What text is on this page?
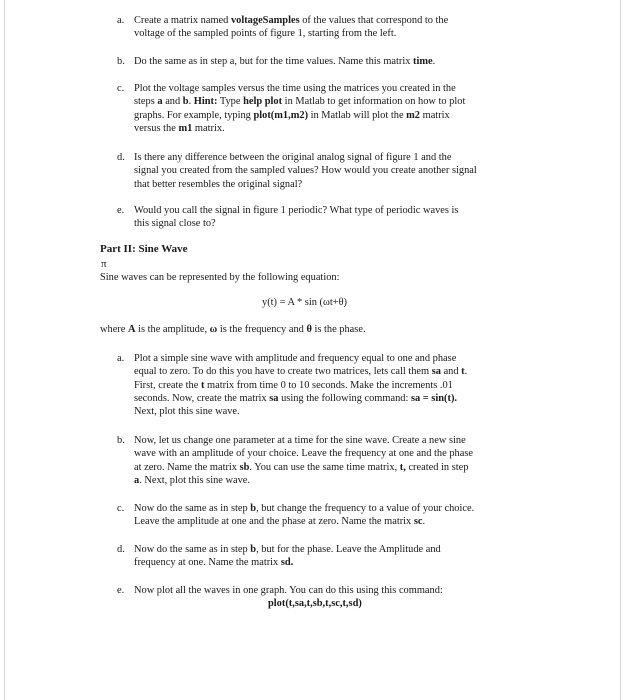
a. Create a matrix named voltageSamples of the values that correspond to the
voltage of the sampled points of figure 1, starting from the left.
b. Do the same as in step a, but for the time values. Name this matrix time.
c. Plot the voltage samples versus the time using the matrices you created in the
steps a and b. Hint: Type help plot in Matlab to get information on how to plot
graphs. For example, typing plot(m1,m2) in Matlab will plot the m2 matrix
versus the m1 matrix.
d. Is there any difference between the original analog signal of figure 1 and the
signal you created from the sampled values? How would you create another signal
that better resembles the original signal?
e. Would you call the signal in figure 1 periodic? What type of periodic waves is
this signal close to?
Part II: Sine Wave
π
Sine waves can be represented by the following equation:
y(t) = A * sin (ωt+θ)
where A is the amplitude, ω is the frequency and θ is the phase.
a. Plot a simple sine wave with amplitude and frequency equal to one and phase
equal to zero. To do this you have to create two matrices, lets call them sa and t.
First, create the t matrix from time 0 to 10 seconds. Make the increments .01
seconds. Now, create the matrix sa using the following command: sa = sin(t).
Next, plot this sine wave.
b. Now, let us change one parameter at a time for the sine wave. Create a new sine
wave with an amplitude of your choice. Leave the frequency at one and the phase
at zero. Name the matrix sb. You can use the same time matrix, t, created in step
a. Next, plot this sine wave.
c. Now do the same as in step b, but change the frequency to a value of your choice.
Leave the amplitude at one and the phase at zero. Name the matrix sc.
d. Now do the same as in step b, but for the phase. Leave the Amplitude and
frequency at one. Name the matrix sd.
e. Now plot all the waves in one graph. You can do this using this command:
plot(t,sa,t,sb,t,sc,t,sd)
